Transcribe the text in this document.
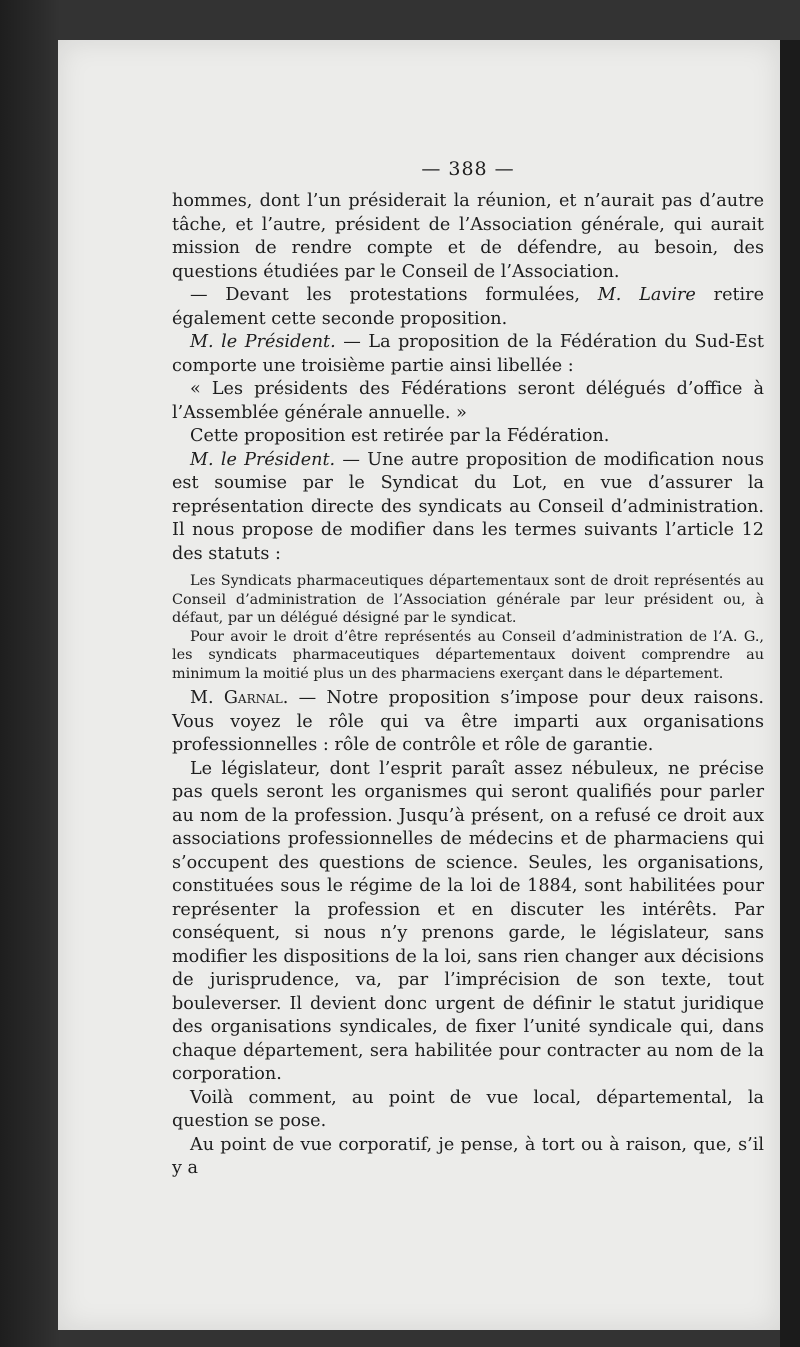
— 388 —

hommes, dont l’un présiderait la réunion, et n’aurait pas d’autre tâche, et l’autre, président de l’Association générale, qui aurait mission de rendre compte et de défendre, au besoin, des questions étudiées par le Conseil de l’Association.

— Devant les protestations formulées, M. Lavire retire également cette seconde proposition.

M. le Président. — La proposition de la Fédération du Sud-Est comporte une troisième partie ainsi libellée :

« Les présidents des Fédérations seront délégués d’office à l’Assemblée générale annuelle. »

Cette proposition est retirée par la Fédération.

M. le Président. — Une autre proposition de modification nous est soumise par le Syndicat du Lot, en vue d’assurer la représentation directe des syndicats au Conseil d’administration. Il nous propose de modifier dans les termes suivants l’article 12 des statuts :

Les Syndicats pharmaceutiques départementaux sont de droit représentés au Conseil d’administration de l’Association générale par leur président ou, à défaut, par un délégué désigné par le syndicat.

Pour avoir le droit d’être représentés au Conseil d’administration de l’A. G., les syndicats pharmaceutiques départementaux doivent comprendre au minimum la moitié plus un des pharmaciens exerçant dans le département.

M. Garnal. — Notre proposition s’impose pour deux raisons. Vous voyez le rôle qui va être imparti aux organisations professionnelles : rôle de contrôle et rôle de garantie.

Le législateur, dont l’esprit paraît assez nébuleux, ne précise pas quels seront les organismes qui seront qualifiés pour parler au nom de la profession. Jusqu’à présent, on a refusé ce droit aux associations professionnelles de médecins et de pharmaciens qui s’occupent des questions de science. Seules, les organisations, constituées sous le régime de la loi de 1884, sont habilitées pour représenter la profession et en discuter les intérêts. Par conséquent, si nous n’y prenons garde, le législateur, sans modifier les dispositions de la loi, sans rien changer aux décisions de jurisprudence, va, par l’imprécision de son texte, tout bouleverser. Il devient donc urgent de définir le statut juridique des organisations syndicales, de fixer l’unité syndicale qui, dans chaque département, sera habilitée pour contracter au nom de la corporation.

Voilà comment, au point de vue local, départemental, la question se pose.

Au point de vue corporatif, je pense, à tort ou à raison, que, s’il y a
